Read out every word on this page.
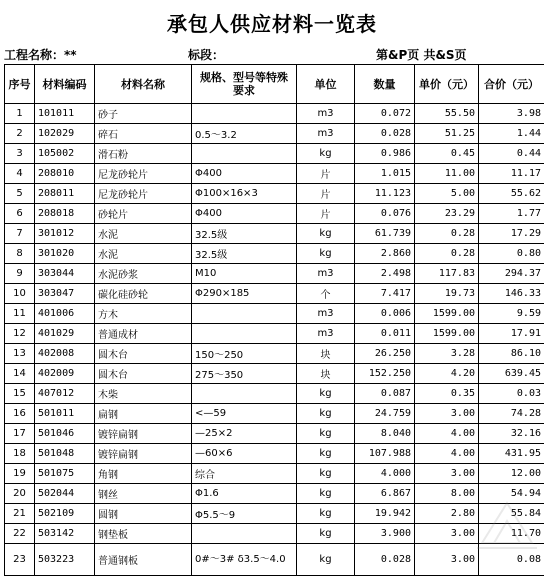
承包人供应材料一览表
工程名称：**	标段：	第&P页 共&S页
序号	材料编码	材料名称	规格、型号等特殊要求	单位	数量	单价（元）	合价（元）
1	101011	砂子		m3	0.072	55.50	3.98
2	102029	碎石	0.5～3.2	m3	0.028	51.25	1.44
3	105002	滑石粉		kg	0.986	0.45	0.44
4	208010	尼龙砂轮片	Φ400	片	1.015	11.00	11.17
5	208011	尼龙砂轮片	Φ100×16×3	片	11.123	5.00	55.62
6	208018	砂轮片	Φ400	片	0.076	23.29	1.77
7	301012	水泥	32.5级	kg	61.739	0.28	17.29
8	301020	水泥	32.5级	kg	2.860	0.28	0.80
9	303044	水泥砂浆	M10	m3	2.498	117.83	294.37
10	303047	碳化硅砂轮	Φ290×185	个	7.417	19.73	146.33
11	401006	方木		m3	0.006	1599.00	9.59
12	401029	普通成材		m3	0.011	1599.00	17.91
13	402008	圆木台	150～250	块	26.250	3.28	86.10
14	402009	圆木台	275～350	块	152.250	4.20	639.45
15	407012	木柴		kg	0.087	0.35	0.03
16	501011	扁钢	<—59	kg	24.759	3.00	74.28
17	501046	镀锌扁钢	—25×2	kg	8.040	4.00	32.16
18	501048	镀锌扁钢	—60×6	kg	107.988	4.00	431.95
19	501075	角钢	综合	kg	4.000	3.00	12.00
20	502044	钢丝	Φ1.6	kg	6.867	8.00	54.94
21	502109	圆钢	Φ5.5～9	kg	19.942	2.80	55.84
22	503142	钢垫板		kg	3.900	3.00	11.70
23	503223	普通钢板	0#～3# δ3.5～4.0	kg	0.028	3.00	0.08
